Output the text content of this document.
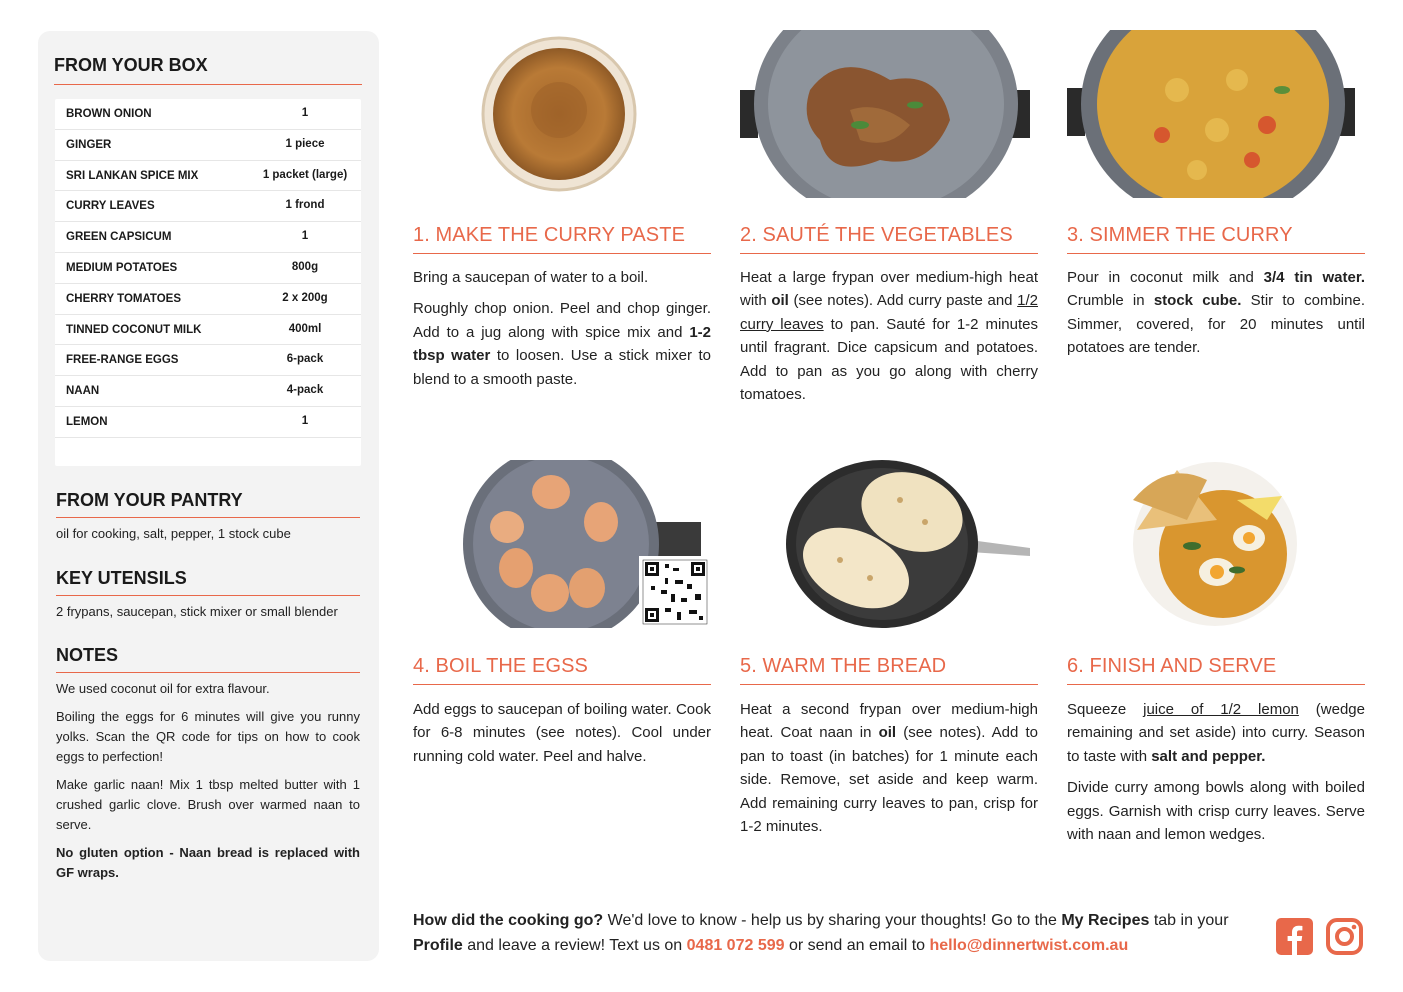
FROM YOUR BOX
BROWN ONION	1
GINGER	1 piece
SRI LANKAN SPICE MIX	1 packet (large)
CURRY LEAVES	1 frond
GREEN CAPSICUM	1
MEDIUM POTATOES	800g
CHERRY TOMATOES	2 x 200g
TINNED COCONUT MILK	400ml
FREE-RANGE EGGS	6-pack
NAAN	4-pack
LEMON	1
FROM YOUR PANTRY
oil for cooking, salt, pepper, 1 stock cube
KEY UTENSILS
2 frypans, saucepan, stick mixer or small blender
NOTES

We used coconut oil for extra flavour.

Boiling the eggs for 6 minutes will give you runny yolks. Scan the QR code for tips on how to cook eggs to perfection!

Make garlic naan! Mix 1 tbsp melted butter with 1 crushed garlic clove. Brush over warmed naan to serve.

No gluten option - Naan bread is replaced with GF wraps.

1. MAKE THE CURRY PASTE

Bring a saucepan of water to a boil.

Roughly chop onion. Peel and chop ginger. Add to a jug along with spice mix and 1-2 tbsp water to loosen. Use a stick mixer to blend to a smooth paste.

2. SAUTÉ THE VEGETABLES

Heat a large frypan over medium-high heat with oil (see notes). Add curry paste and 1/2 curry leaves to pan. Sauté for 1-2 minutes until fragrant. Dice capsicum and potatoes. Add to pan as you go along with cherry tomatoes.

3. SIMMER THE CURRY

Pour in coconut milk and 3/4 tin water. Crumble in stock cube. Stir to combine. Simmer, covered, for 20 minutes until potatoes are tender.

4. BOIL THE EGSS

Add eggs to saucepan of boiling water. Cook for 6-8 minutes (see notes). Cool under running cold water. Peel and halve.

5. WARM THE BREAD

Heat a second frypan over medium-high heat. Coat naan in oil (see notes). Add to pan to toast (in batches) for 1 minute each side. Remove, set aside and keep warm. Add remaining curry leaves to pan, crisp for 1-2 minutes.

6. FINISH AND SERVE

Squeeze juice of 1/2 lemon (wedge remaining and set aside) into curry. Season to taste with salt and pepper.

Divide curry among bowls along with boiled eggs. Garnish with crisp curry leaves. Serve with naan and lemon wedges.

How did the cooking go? We'd love to know - help us by sharing your thoughts! Go to the My Recipes tab in your Profile and leave a review! Text us on 0481 072 599 or send an email to hello@dinnertwist.com.au
